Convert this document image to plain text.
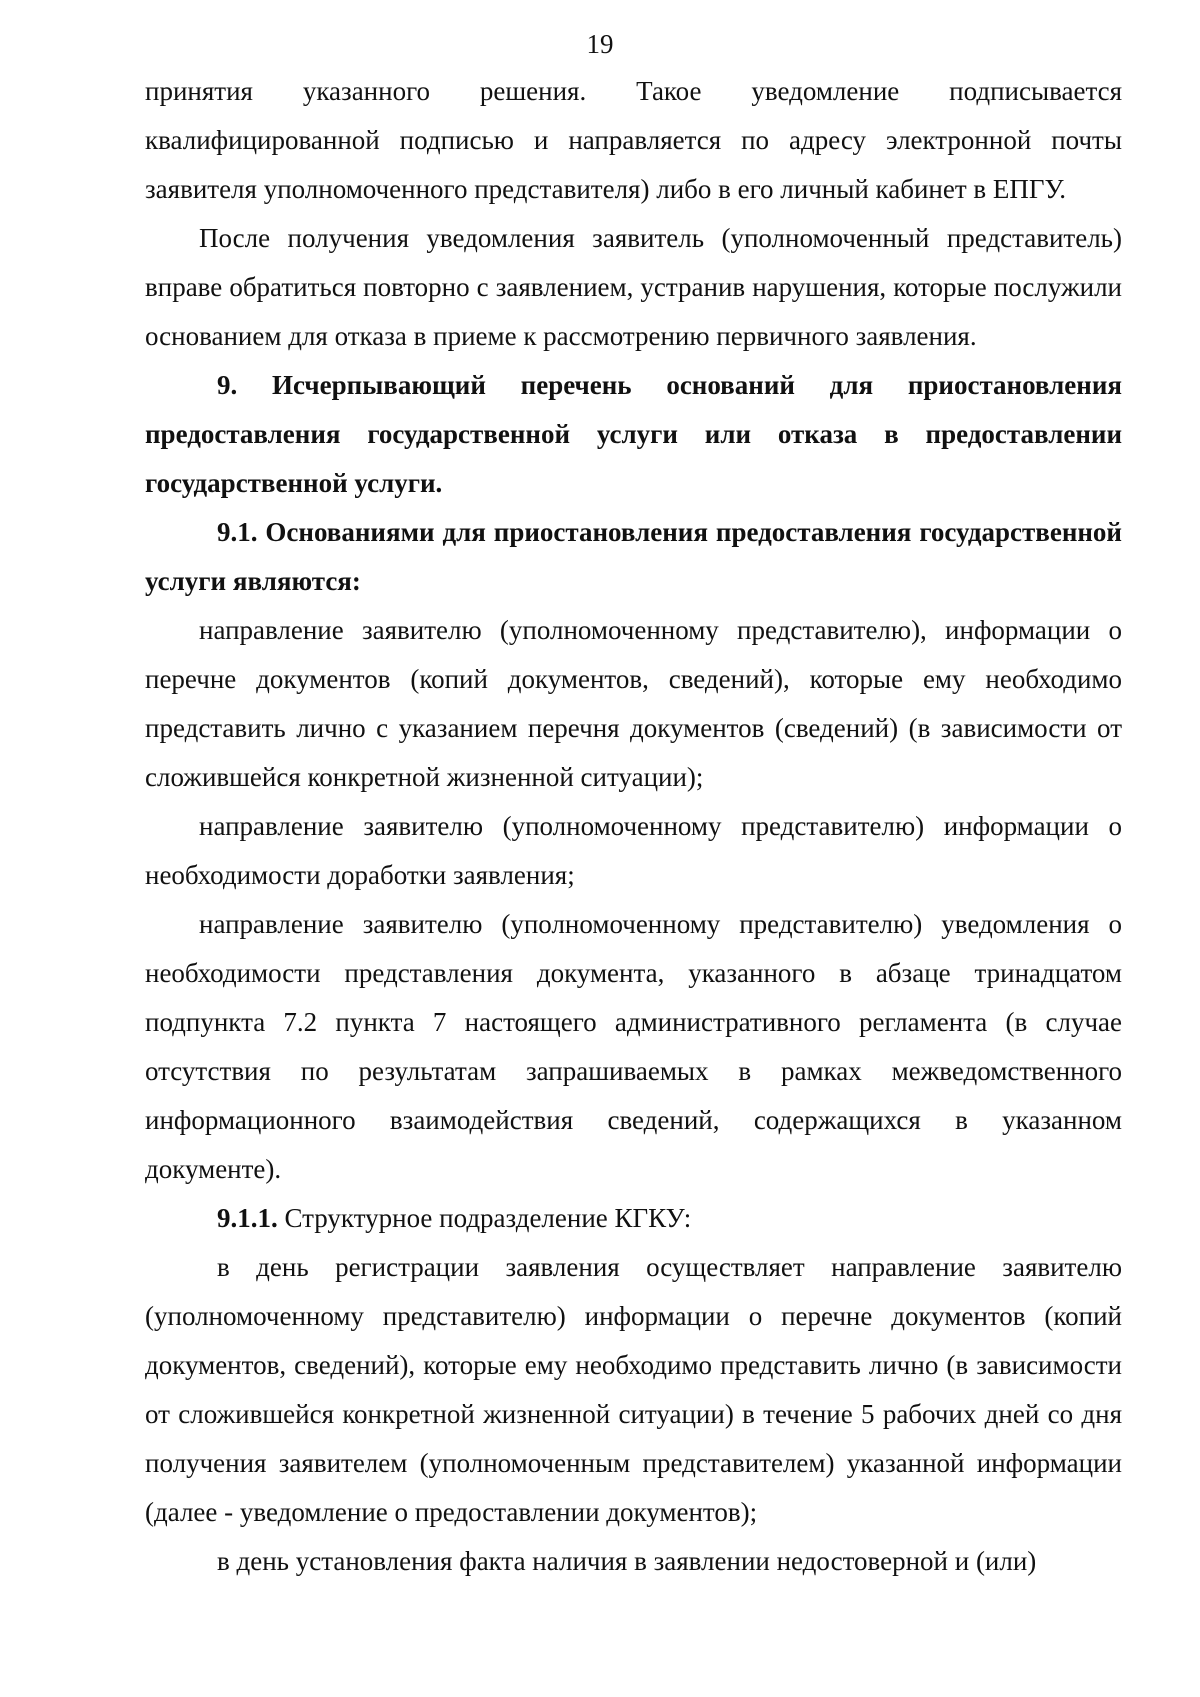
19

принятия указанного решения. Такое уведомление подписывается квалифицированной подписью и направляется по адресу электронной почты заявителя уполномоченного представителя) либо в его личный кабинет в ЕПГУ.

После получения уведомления заявитель (уполномоченный представитель) вправе обратиться повторно с заявлением, устранив нарушения, которые послужили основанием для отказа в приеме к рассмотрению первичного заявления.

9. Исчерпывающий перечень оснований для приостановления предоставления государственной услуги или отказа в предоставлении государственной услуги.

9.1. Основаниями для приостановления предоставления государственной услуги являются:

направление заявителю (уполномоченному представителю), информации о перечне документов (копий документов, сведений), которые ему необходимо представить лично с указанием перечня документов (сведений) (в зависимости от сложившейся конкретной жизненной ситуации);

направление заявителю (уполномоченному представителю) информации о необходимости доработки заявления;

направление заявителю (уполномоченному представителю) уведомления о необходимости представления документа, указанного в абзаце тринадцатом подпункта 7.2 пункта 7 настоящего административного регламента (в случае отсутствия по результатам запрашиваемых в рамках межведомственного информационного взаимодействия сведений, содержащихся в указанном документе).

9.1.1. Структурное подразделение КГКУ:

в день регистрации заявления осуществляет направление заявителю (уполномоченному представителю) информации о перечне документов (копий документов, сведений), которые ему необходимо представить лично (в зависимости от сложившейся конкретной жизненной ситуации) в течение 5 рабочих дней со дня получения заявителем (уполномоченным представителем) указанной информации (далее - уведомление о предоставлении документов);

в день установления факта наличия в заявлении недостоверной и (или)
